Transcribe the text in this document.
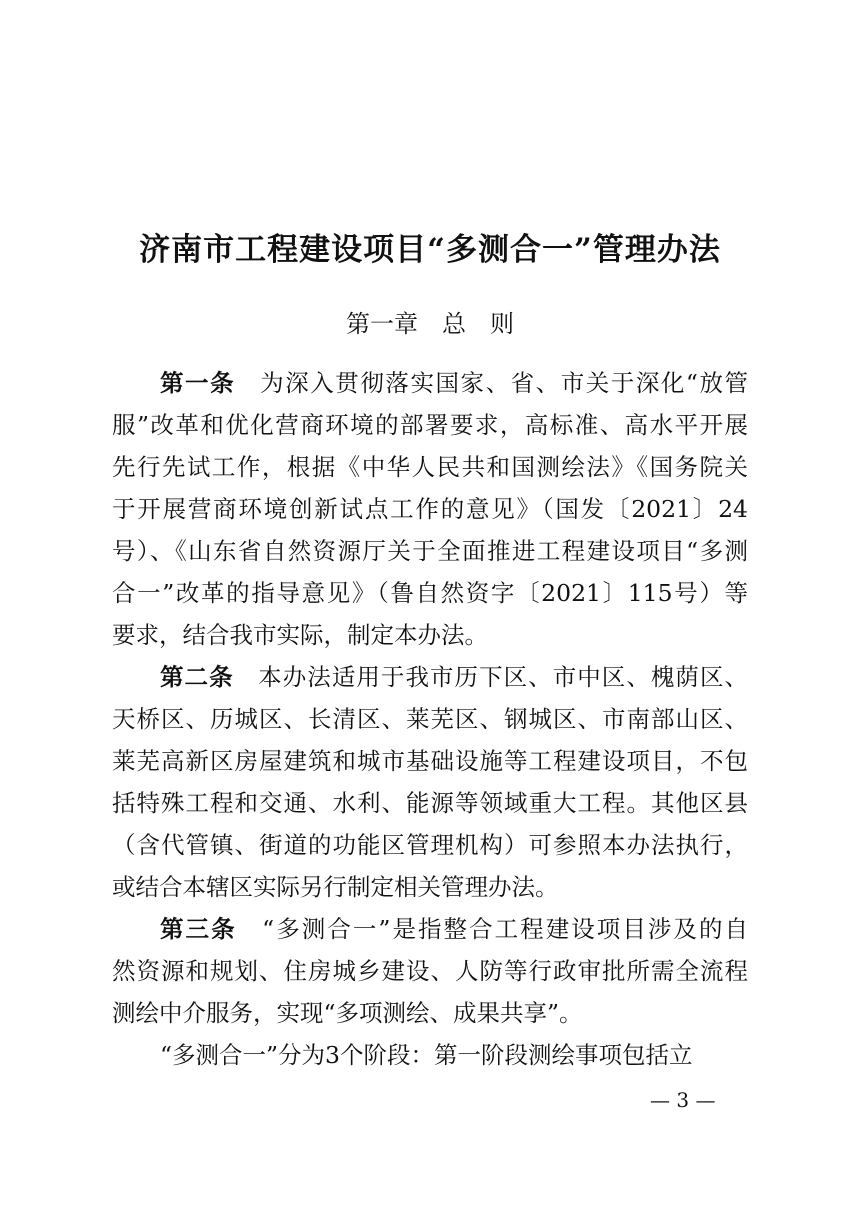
济南市工程建设项目“多测合一”管理办法
第一章　总　则
第一条　为深入贯彻落实国家、省、市关于深化“放管
服”改革和优化营商环境的部署要求，高标准、高水平开展
先行先试工作，根据《中华人民共和国测绘法》《国务院关
于开展营商环境创新试点工作的意见》（国发〔2021〕24
号）、《山东省自然资源厅关于全面推进工程建设项目“多测
合一”改革的指导意见》（鲁自然资字〔2021〕115号）等
要求，结合我市实际，制定本办法。
第二条　本办法适用于我市历下区、市中区、槐荫区、
天桥区、历城区、长清区、莱芜区、钢城区、市南部山区、
莱芜高新区房屋建筑和城市基础设施等工程建设项目，不包
括特殊工程和交通、水利、能源等领域重大工程。其他区县
（含代管镇、街道的功能区管理机构）可参照本办法执行，
或结合本辖区实际另行制定相关管理办法。
第三条　“多测合一”是指整合工程建设项目涉及的自
然资源和规划、住房城乡建设、人防等行政审批所需全流程
测绘中介服务，实现“多项测绘、成果共享”。
“多测合一”分为3个阶段：第一阶段测绘事项包括立
— 3 —
